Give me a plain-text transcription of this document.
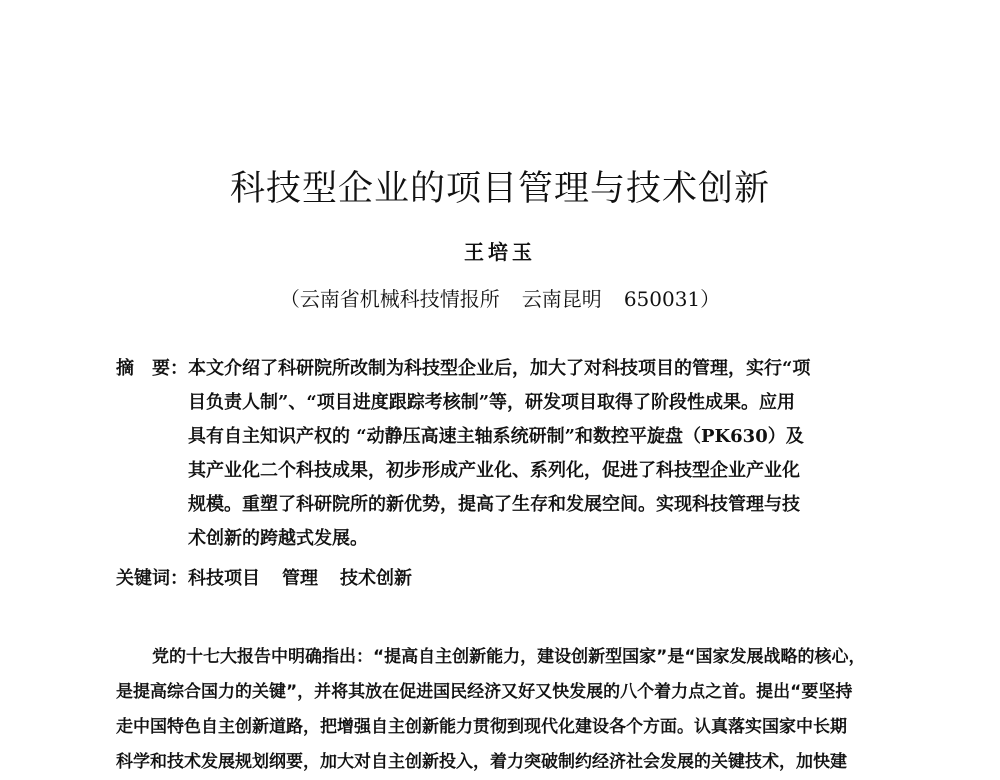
科技型企业的项目管理与技术创新
王培玉
（云南省机械科技情报所 云南昆明 650031）
摘　要： 本文介绍了科研院所改制为科技型企业后，加大了对科技项目的管理，实行“项
目负责人制”、“项目进度跟踪考核制”等，研发项目取得了阶段性成果。应用
具有自主知识产权的 “动静压高速主轴系统研制”和数控平旋盘（PK630）及
其产业化二个科技成果，初步形成产业化、系列化，促进了科技型企业产业化
规模。重塑了科研院所的新优势，提高了生存和发展空间。实现科技管理与技
术创新的跨越式发展。
关键词：科技项目 管理 技术创新
党的十七大报告中明确指出：“提高自主创新能力，建设创新型国家”是“国家发展战略的核心，
是提高综合国力的关键”，并将其放在促进国民经济又好又快发展的八个着力点之首。提出“要坚持
走中国特色自主创新道路，把增强自主创新能力贯彻到现代化建设各个方面。认真落实国家中长期
科学和技术发展规划纲要，加大对自主创新投入，着力突破制约经济社会发展的关键技术，加快建
